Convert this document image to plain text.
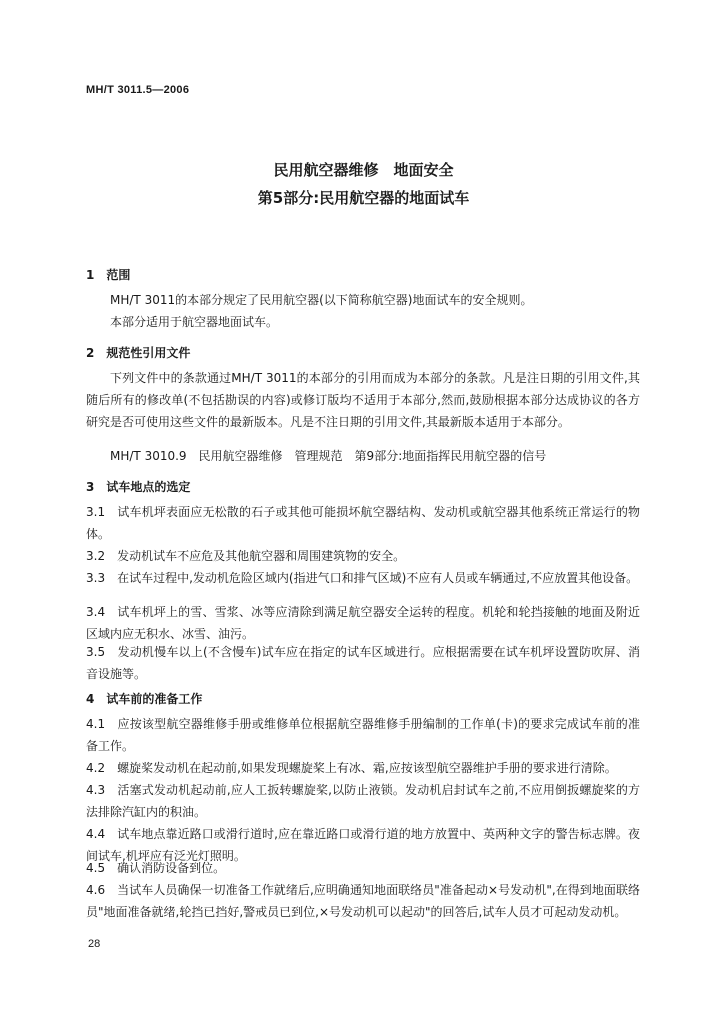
MH/T 3011.5—2006
民用航空器维修　地面安全
第5部分:民用航空器的地面试车
1　范围

MH/T 3011的本部分规定了民用航空器(以下简称航空器)地面试车的安全规则。

本部分适用于航空器地面试车。

2　规范性引用文件

下列文件中的条款通过MH/T 3011的本部分的引用而成为本部分的条款。凡是注日期的引用文件,其随后所有的修改单(不包括勘误的内容)或修订版均不适用于本部分,然而,鼓励根据本部分达成协议的各方研究是否可使用这些文件的最新版本。凡是不注日期的引用文件,其最新版本适用于本部分。

MH/T 3010.9　民用航空器维修　管理规范　第9部分:地面指挥民用航空器的信号

3　试车地点的选定

3.1　试车机坪表面应无松散的石子或其他可能损坏航空器结构、发动机或航空器其他系统正常运行的物体。

3.2　发动机试车不应危及其他航空器和周围建筑物的安全。

3.3　在试车过程中,发动机危险区域内(指进气口和排气区域)不应有人员或车辆通过,不应放置其他设备。

3.4　试车机坪上的雪、雪浆、冰等应清除到满足航空器安全运转的程度。机轮和轮挡接触的地面及附近区域内应无积水、冰雪、油污。

3.5　发动机慢车以上(不含慢车)试车应在指定的试车区域进行。应根据需要在试车机坪设置防吹屏、消音设施等。

4　试车前的准备工作

4.1　应按该型航空器维修手册或维修单位根据航空器维修手册编制的工作单(卡)的要求完成试车前的准备工作。

4.2　螺旋桨发动机在起动前,如果发现螺旋桨上有冰、霜,应按该型航空器维护手册的要求进行清除。

4.3　活塞式发动机起动前,应人工扳转螺旋桨,以防止液锁。发动机启封试车之前,不应用倒扳螺旋桨的方法排除汽缸内的积油。

4.4　试车地点靠近路口或滑行道时,应在靠近路口或滑行道的地方放置中、英两种文字的警告标志牌。夜间试车,机坪应有泛光灯照明。

4.5　确认消防设备到位。

4.6　当试车人员确保一切准备工作就绪后,应明确通知地面联络员"准备起动×号发动机",在得到地面联络员"地面准备就绪,轮挡已挡好,警戒员已到位,×号发动机可以起动"的回答后,试车人员才可起动发动机。

28
